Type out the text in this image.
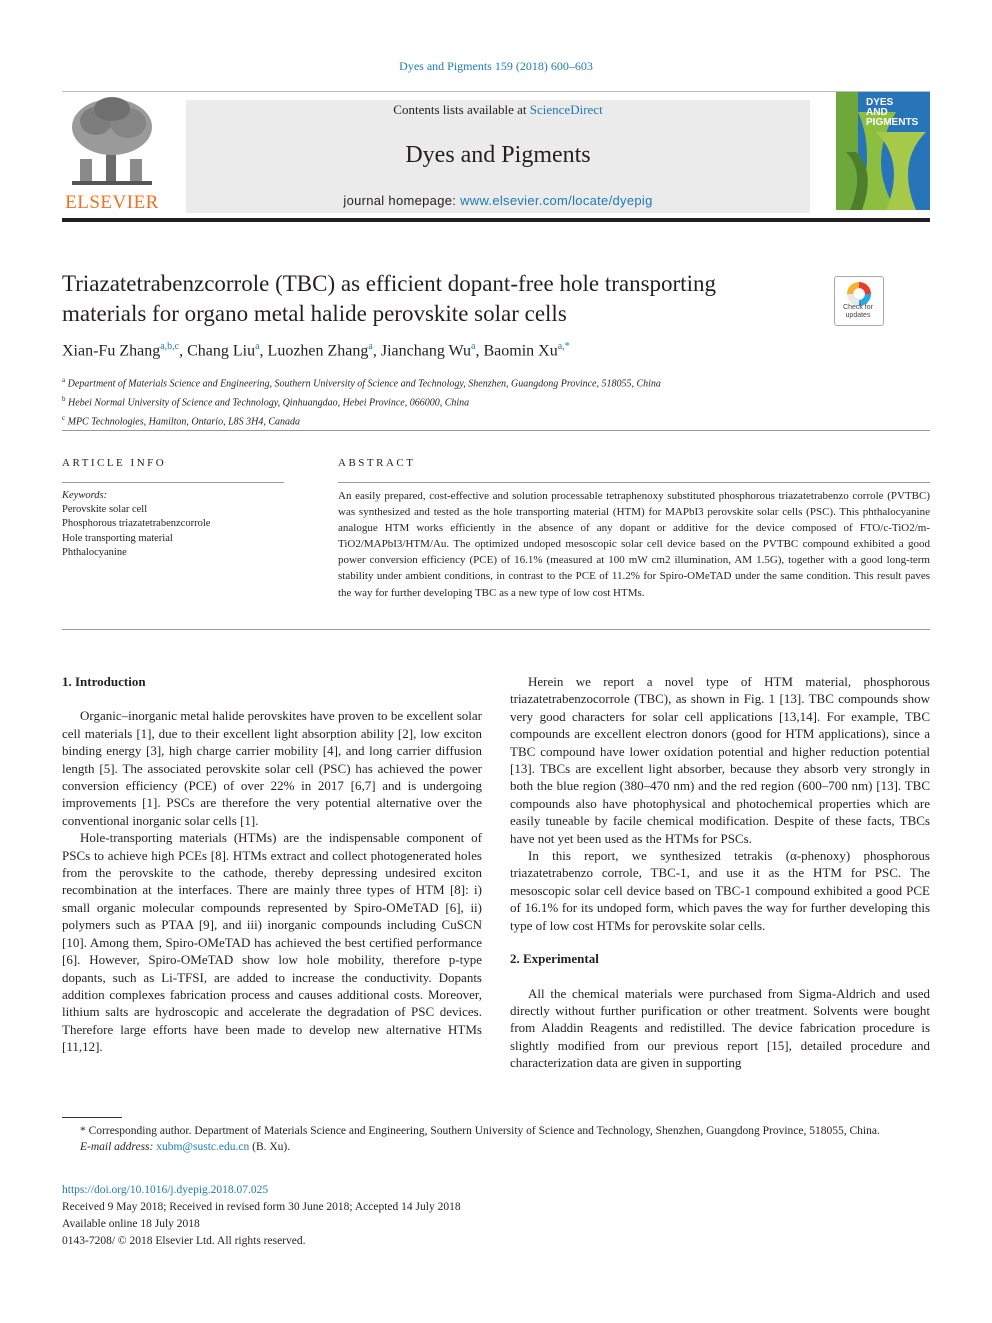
Dyes and Pigments 159 (2018) 600–603
ELSEVIER
Contents lists available at ScienceDirect
Dyes and Pigments
journal homepage: www.elsevier.com/locate/dyepig
DYES
AND
PIGMENTS
Triazatetrabenzcorrole (TBC) as efficient dopant-free hole transporting materials for organo metal halide perovskite solar cells	Check for
updates
Xian-Fu Zhang$^{a,b,c}$, Chang Liu$^a$, Luozhen Zhang$^a$, Jianchang Wu$^a$, Baomin $Xu^{a,*}$
$^a$ Department of Materials Science and Engineering, Southern University of Science and Technology, Shenzhen, Guangdong Province, 518055, China
$^b$ Hebei Normal University of Science and Technology, Qinhuangdao, Hebei Province, 066000, China
$^c$ MPC Technologies, Hamilton, Ontario, L8S 3H4, Canada
ARTICLE INFO	ABSTRACT
Keywords:
Perovskite solar cell
Phosphorous triazatetrabenzcorrole
Hole transporting material
Phthalocyanine
An easily prepared, cost-effective and solution processable tetraphenoxy substituted phosphorous triazatetrabenzo corrole (PVTBC) was synthesized and tested as the hole transporting material (HTM) for MAPbI3 perovskite solar cells (PSC). This phthalocyanine analogue HTM works efficiently in the absence of any dopant or additive for the device composed of FTO/c-TiO2/m-TiO2/MAPbI3/HTM/Au. The optimized undoped mesoscopic solar cell device based on the PVTBC compound exhibited a good power conversion efficiency (PCE) of 16.1% (measured at 100 mW cm2 illumination, AM 1.5G), together with a good long-term stability under ambient conditions, in contrast to the PCE of 11.2% for Spiro-OMeTAD under the same condition. This result paves the way for further developing TBC as a new type of low cost HTMs.
1. Introduction

Organic–inorganic metal halide perovskites have proven to be excellent solar cell materials [1], due to their excellent light absorption ability [2], low exciton binding energy [3], high charge carrier mobility [4], and long carrier diffusion length [5]. The associated perovskite solar cell (PSC) has achieved the power conversion efficiency (PCE) of over 22% in 2017 [6,7] and is undergoing improvements [1]. PSCs are therefore the very potential alternative over the conventional inorganic solar cells [1].

Hole-transporting materials (HTMs) are the indispensable component of PSCs to achieve high PCEs [8]. HTMs extract and collect photogenerated holes from the perovskite to the cathode, thereby depressing undesired exciton recombination at the interfaces. There are mainly three types of HTM [8]: i) small organic molecular compounds represented by Spiro-OMeTAD [6], ii) polymers such as PTAA [9], and iii) inorganic compounds including CuSCN [10]. Among them, Spiro-OMeTAD has achieved the best certified performance [6]. However, Spiro-OMeTAD show low hole mobility, therefore p-type dopants, such as Li-TFSI, are added to increase the conductivity. Dopants addition complexes fabrication process and causes additional costs. Moreover, lithium salts are hydroscopic and accelerate the degradation of PSC devices. Therefore large efforts have been made to develop new alternative HTMs [11,12].

Herein we report a novel type of HTM material, phosphorous triazatetrabenzocorrole (TBC), as shown in Fig. 1 [13]. TBC compounds show very good characters for solar cell applications [13,14]. For example, TBC compounds are excellent electron donors (good for HTM applications), since a TBC compound have lower oxidation potential and higher reduction potential [13]. TBCs are excellent light absorber, because they absorb very strongly in both the blue region (380–470 nm) and the red region (600–700 nm) [13]. TBC compounds also have photophysical and photochemical properties which are easily tuneable by facile chemical modification. Despite of these facts, TBCs have not yet been used as the HTMs for PSCs.

In this report, we synthesized tetrakis (α-phenoxy) phosphorous triazatetrabenzo corrole, TBC-1, and use it as the HTM for PSC. The mesoscopic solar cell device based on TBC-1 compound exhibited a good PCE of 16.1% for its undoped form, which paves the way for further developing this type of low cost HTMs for perovskite solar cells.

2. Experimental

All the chemical materials were purchased from Sigma-Aldrich and used directly without further purification or other treatment. Solvents were bought from Aladdin Reagents and redistilled. The device fabrication procedure is slightly modified from our previous report [15], detailed procedure and characterization data are given in supporting

* Corresponding author. Department of Materials Science and Engineering, Southern University of Science and Technology, Shenzhen, Guangdong Province, 518055, China.
E-mail address: xubm@sustc.edu.cn (B. Xu).
https://doi.org/10.1016/j.dyepig.2018.07.025
Received 9 May 2018; Received in revised form 30 June 2018; Accepted 14 July 2018
Available online 18 July 2018
0143-7208/ © 2018 Elsevier Ltd. All rights reserved.
